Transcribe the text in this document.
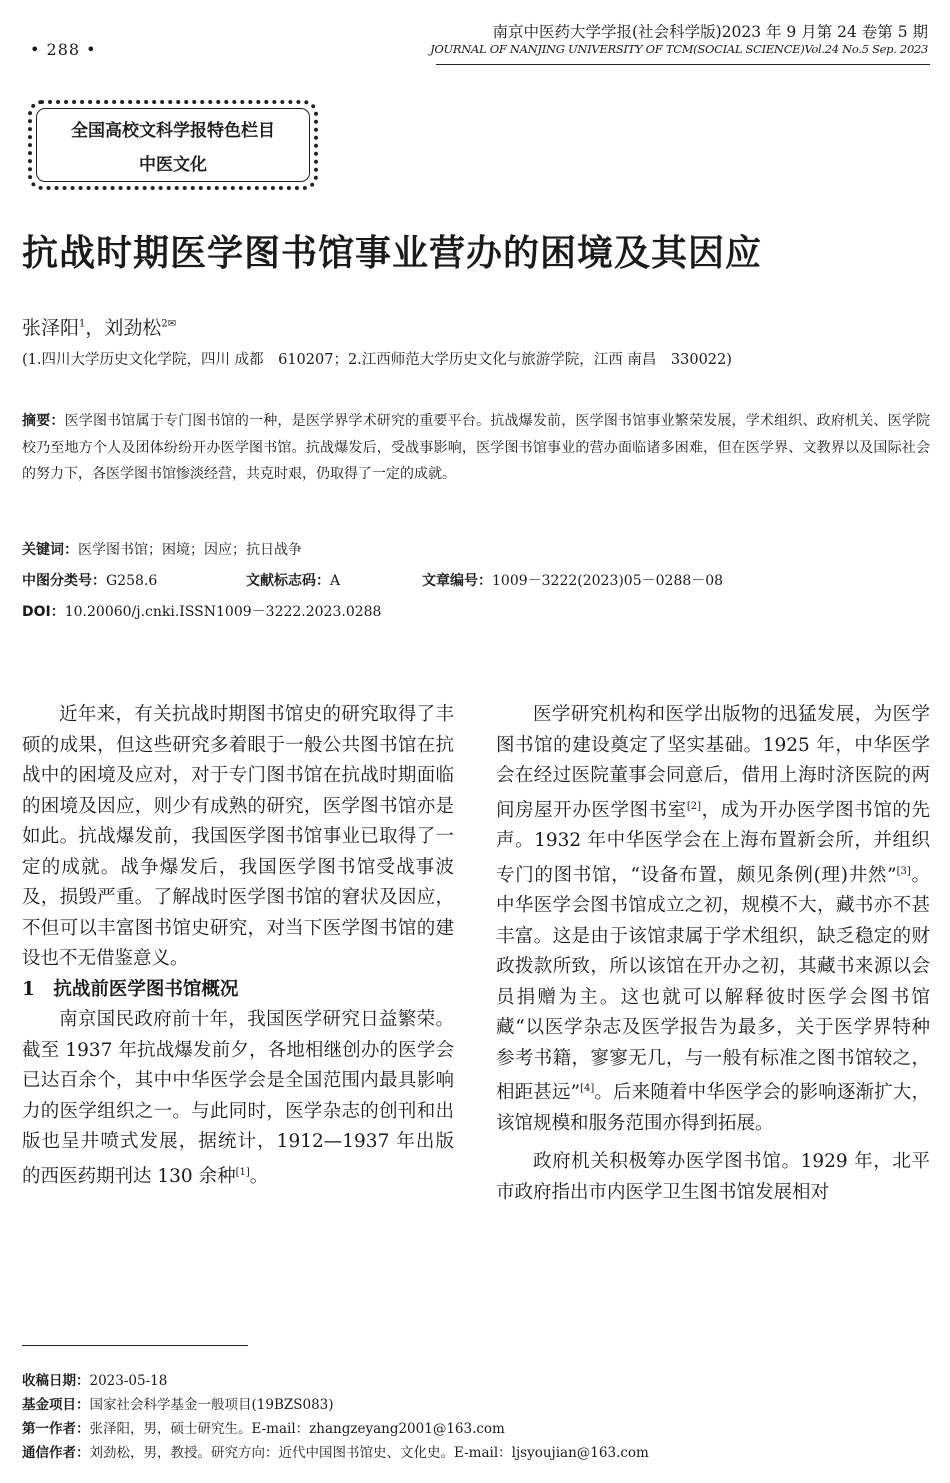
• 288 •
南京中医药大学学报(社会科学版)2023 年 9 月第 24 卷第 5 期
JOURNAL OF NANJING UNIVERSITY OF TCM(SOCIAL SCIENCE)Vol.24 No.5 Sep. 2023
全国高校文科学报特色栏目
中医文化
抗战时期医学图书馆事业营办的困境及其因应
张泽阳$^1$，刘劲松$^{2✉}$
(1.四川大学历史文化学院，四川 成都　610207；2.江西师范大学历史文化与旅游学院，江西 南昌　330022)
摘要：医学图书馆属于专门图书馆的一种，是医学界学术研究的重要平台。抗战爆发前，医学图书馆事业繁荣发展，学术组织、政府机关、医学院校乃至地方个人及团体纷纷开办医学图书馆。抗战爆发后，受战事影响，医学图书馆事业的营办面临诸多困难，但在医学界、文教界以及国际社会的努力下，各医学图书馆惨淡经营，共克时艰，仍取得了一定的成就。
关键词：医学图书馆；困境；因应；抗日战争
中图分类号：G258.6	文献标志码：A	文章编号：1009－3222(2023)05－0288－08
DOI：10.20060/j.cnki.ISSN1009－3222.2023.0288

近年来，有关抗战时期图书馆史的研究取得了丰硕的成果，但这些研究多着眼于一般公共图书馆在抗战中的困境及应对，对于专门图书馆在抗战时期面临的困境及因应，则少有成熟的研究，医学图书馆亦是如此。抗战爆发前，我国医学图书馆事业已取得了一定的成就。战争爆发后，我国医学图书馆受战事波及，损毁严重。了解战时医学图书馆的窘状及因应，不但可以丰富图书馆史研究，对当下医学图书馆的建设也不无借鉴意义。

1　抗战前医学图书馆概况

南京国民政府前十年，我国医学研究日益繁荣。截至 1937 年抗战爆发前夕，各地相继创办的医学会已达百余个，其中中华医学会是全国范围内最具影响力的医学组织之一。与此同时，医学杂志的创刊和出版也呈井喷式发展，据统计，1912—1937 年出版的西医药期刊达 130 余种[1]。

医学研究机构和医学出版物的迅猛发展，为医学图书馆的建设奠定了坚实基础。1925 年，中华医学会在经过医院董事会同意后，借用上海时济医院的两间房屋开办医学图书室[2]，成为开办医学图书馆的先声。1932 年中华医学会在上海布置新会所，并组织专门的图书馆，“设备布置，颇见条例(理)井然”[3]。中华医学会图书馆成立之初，规模不大，藏书亦不甚丰富。这是由于该馆隶属于学术组织，缺乏稳定的财政拨款所致，所以该馆在开办之初，其藏书来源以会员捐赠为主。这也就可以解释彼时医学会图书馆藏“以医学杂志及医学报告为最多，关于医学界特种参考书籍，寥寥无几，与一般有标准之图书馆较之，相距甚远”[4]。后来随着中华医学会的影响逐渐扩大，该馆规模和服务范围亦得到拓展。

政府机关积极筹办医学图书馆。1929 年，北平市政府指出市内医学卫生图书馆发展相对

收稿日期：2023-05-18
基金项目：国家社会科学基金一般项目(19BZS083)
第一作者：张泽阳，男，硕士研究生。E-mail：zhangzeyang2001@163.com
通信作者：刘劲松，男，教授。研究方向：近代中国图书馆史、文化史。E-mail：ljsyoujian@163.com
